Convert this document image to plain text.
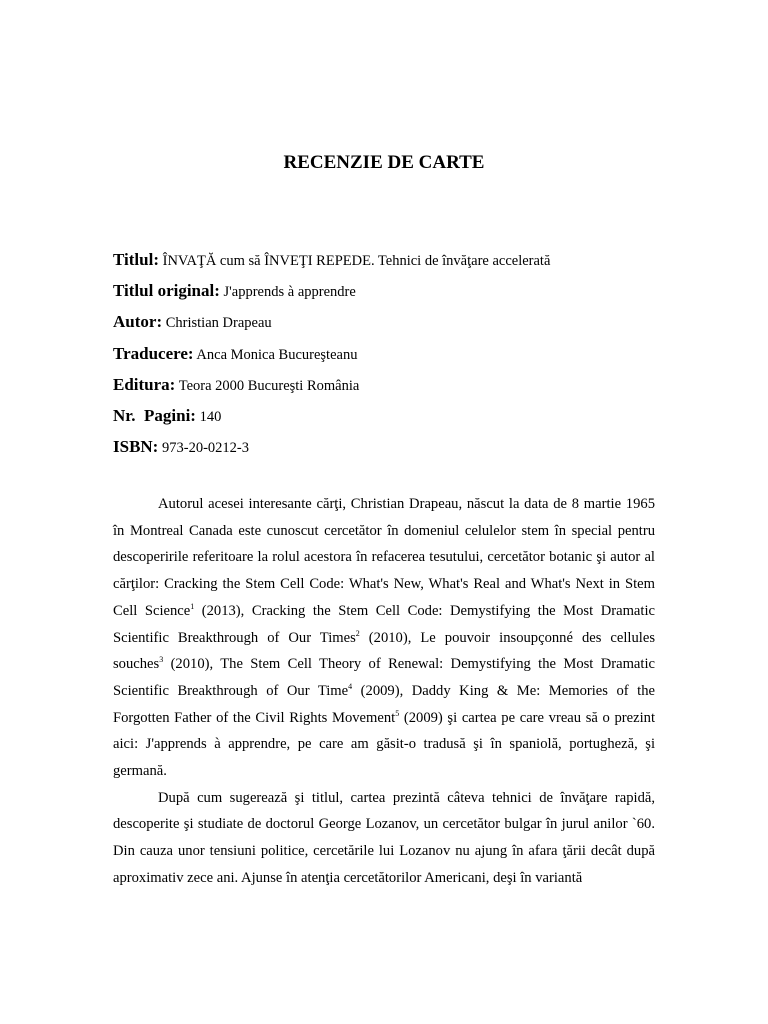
RECENZIE DE CARTE
Titlul: ÎNVAŢĂ cum să ÎNVEŢI REPEDE. Tehnici de învăţare accelerată
Titlul original: J'apprends à apprendre
Autor: Christian Drapeau
Traducere: Anca Monica Bucureşteanu
Editura: Teora 2000 Bucureşti România
Nr.  Pagini: 140
ISBN: 973-20-0212-3

Autorul acesei interesante cărţi, Christian Drapeau, născut la data de 8 martie 1965 în Montreal Canada este cunoscut cercetător în domeniul celulelor stem în special pentru descoperirile referitoare la rolul acestora în refacerea tesutului, cercetător botanic şi autor al cărţilor: Cracking the Stem Cell Code: What's New, What's Real and What's Next in Stem Cell Science$^1$ (2013), Cracking the Stem Cell Code: Demystifying the Most Dramatic Scientific Breakthrough of Our Times$^2$ (2010), Le pouvoir insoupçonné des cellules souches$^3$ (2010), The Stem Cell Theory of Renewal: Demystifying the Most Dramatic Scientific Breakthrough of Our Time$^4$ (2009), Daddy King & Me: Memories of the Forgotten Father of the Civil Rights Movement$^5$ (2009) şi cartea pe care vreau să o prezint aici: J'apprends à apprendre, pe care am găsit-o tradusă şi în spaniolă, portugheză, şi germană.

După cum sugerează şi titlul, cartea prezintă câteva tehnici de învăţare rapidă, descoperite şi studiate de doctorul George Lozanov, un cercetător bulgar în jurul anilor `60. Din cauza unor tensiuni politice, cercetările lui Lozanov nu ajung în afara ţării decât după aproximativ zece ani. Ajunse în atenţia cercetătorilor Americani, deşi în variantă
